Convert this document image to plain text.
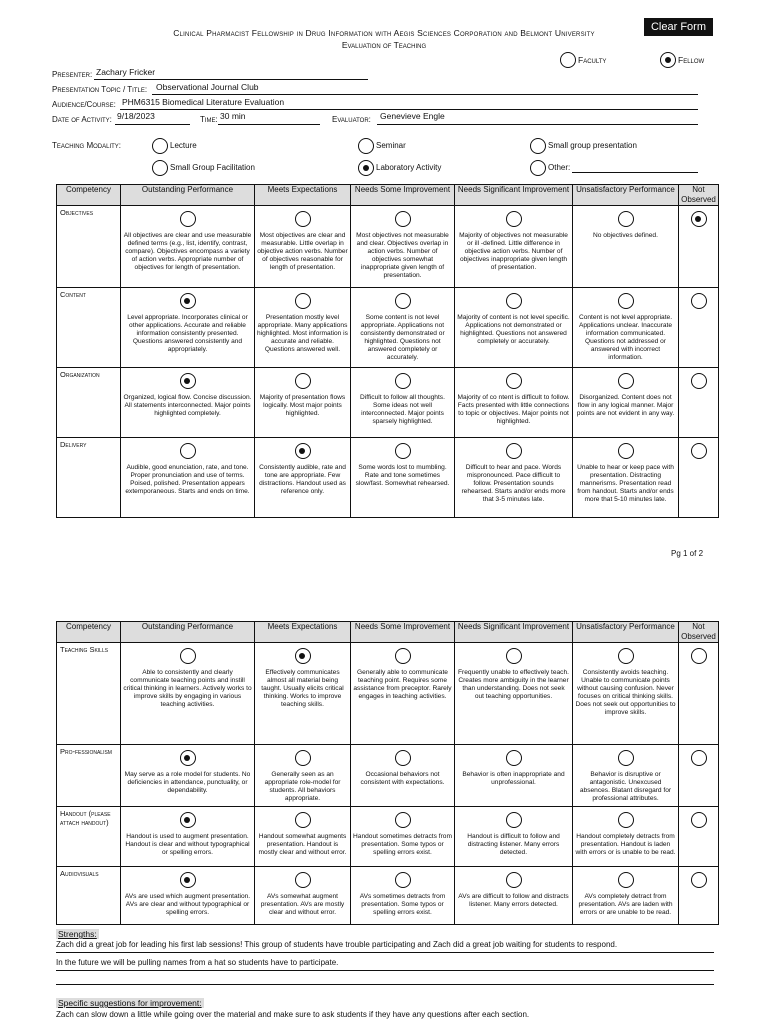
Clear Form
Clinical Pharmacist Fellowship in Drug Information with Aegis Sciences Corporation and Belmont University
Evaluation of Teaching
Faculty	Fellow
Presenter: Zachary Fricker
Presentation Topic / Title: Observational Journal Club
Audience/Course: PHM6315 Biomedical Literature Evaluation
Date of Activity: 9/18/2023	Time: 30 min	Evaluator: Genevieve Engle
Teaching Modality:	Lecture	Seminar	Small group presentation
Small Group Facilitation	Laboratory Activity	Other:
Competency	Outstanding Performance	Meets Expectations	Needs Some Improvement	Needs Significant Improvement	Unsatisfactory Performance	Not Observed
Objectives	All objectives are clear and use measurable defined terms (e.g., list, identify, contrast, compare). Objectives encompass a variety of action verbs. Appropriate number of objectives for length of presentation.	Most objectives are clear and measurable. Little overlap in objective action verbs. Number of objectives reasonable for length of presentation.	Most objectives not measurable and clear. Objectives overlap in action verbs. Number of objectives somewhat inappropriate given length of presentation.	Majority of objectives not measurable or ill -defined. Little difference in objective action verbs. Number of objectives inappropriate given length of presentation.	No objectives defined.	

Content	Level appropriate. Incorporates clinical or other applications. Accurate and reliable information consistently presented. Questions answered consistently and appropriately.	Presentation mostly level appropriate. Many applications highlighted. Most information is accurate and reliable. Questions answered well.	Some content is not level appropriate. Applications not consistently demonstrated or highlighted. Questions not answered completely or accurately.	Majority of content is not level specific. Applications not demonstrated or highlighted. Questions not answered completely or accurately.	Content is not level appropriate. Applications unclear. Inaccurate information communicated. Questions not addressed or answered with incorrect information.	

Organization	Organized, logical flow. Concise discussion. All statements interconnected. Major points highlighted completely.	Majority of presentation flows logically. Most major points highlighted.	Difficult to follow all thoughts. Some ideas not well interconnected. Major points sparsely highlighted.	Majority of co ntent is difficult to follow. Facts presented with little connections to topic or objectives. Major points not highlighted.	Disorganized. Content does not flow in any logical manner. Major points are not evident in any way.	

Delivery	Audible, good enunciation, rate, and tone. Proper pronunciation and use of terms. Poised, polished. Presentation appears extemporaneous. Starts and ends on time.	Consistently audible, rate and tone are appropriate. Few distractions. Handout used as reference only.	Some words lost to mumbling. Rate and tone sometimes slow/fast. Somewhat rehearsed.	Difficult to hear and pace. Words mispronounced. Pace difficult to follow. Presentation sounds rehearsed. Starts and/or ends more that 3-5 minutes late.	Unable to hear or keep pace with presentation. Distracting mannerisms. Presentation read from handout. Starts and/or ends more that 5-10 minutes late.	

Pg 1 of 2
Competency	Outstanding Performance	Meets Expectations	Needs Some Improvement	Needs Significant Improvement	Unsatisfactory Performance	Not Observed
Teaching Skills	Able to consistently and clearly communicate teaching points and instill critical thinking in learners. Actively works to improve skills by engaging in various teaching activities.	Effectively communicates almost all material being taught. Usually elicits critical thinking. Works to improve teaching skills.	Generally able to communicate teaching point. Requires some assistance from preceptor. Rarely engages in teaching activities.	Frequently unable to effectively teach. Creates more ambiguity in the learner than understanding. Does not seek out teaching opportunities.	Consistently avoids teaching. Unable to communicate points without causing confusion. Never focuses on critical thinking skills. Does not seek out opportunities to improve skills.	

Pro-fessionalism	May serve as a role model for students. No deficiencies in attendance, punctuality, or dependability.	Generally seen as an appropriate role-model for students. All behaviors appropriate.	Occasional behaviors not consistent with expectations.	Behavior is often inappropriate and unprofessional.	Behavior is disruptive or antagonistic. Unexcused absences. Blatant disregard for professional attributes.	

Handout (please attach handout)	Handout is used to augment presentation. Handout is clear and without typographical or spelling errors.	Handout somewhat augments presentation. Handout is mostly clear and without error.	Handout sometimes detracts from presentation. Some typos or spelling errors exist.	Handout is difficult to follow and distracting listener. Many errors detected.	Handout completely detracts from presentation. Handout is laden with errors or is unable to be read.	

Audiovisuals	AVs are used which augment presentation. AVs are clear and without typographical or spelling errors.	AVs somewhat augment presentation. AVs are mostly clear and without error.	AVs sometimes detracts from presentation. Some typos or spelling errors exist.	AVs are difficult to follow and distracts listener. Many errors detected.	AVs completely detract from presentation. AVs are laden with errors or are unable to be read.	

Strengths:
Zach did a great job for leading his first lab sessions! This group of students have trouble participating and Zach did a great job waiting for students to respond.
In the future we will be pulling names from a hat so students have to participate.
Specific suggestions for improvement:
Zach can slow down a little while going over the material and make sure to ask students if they have any questions after each section.
